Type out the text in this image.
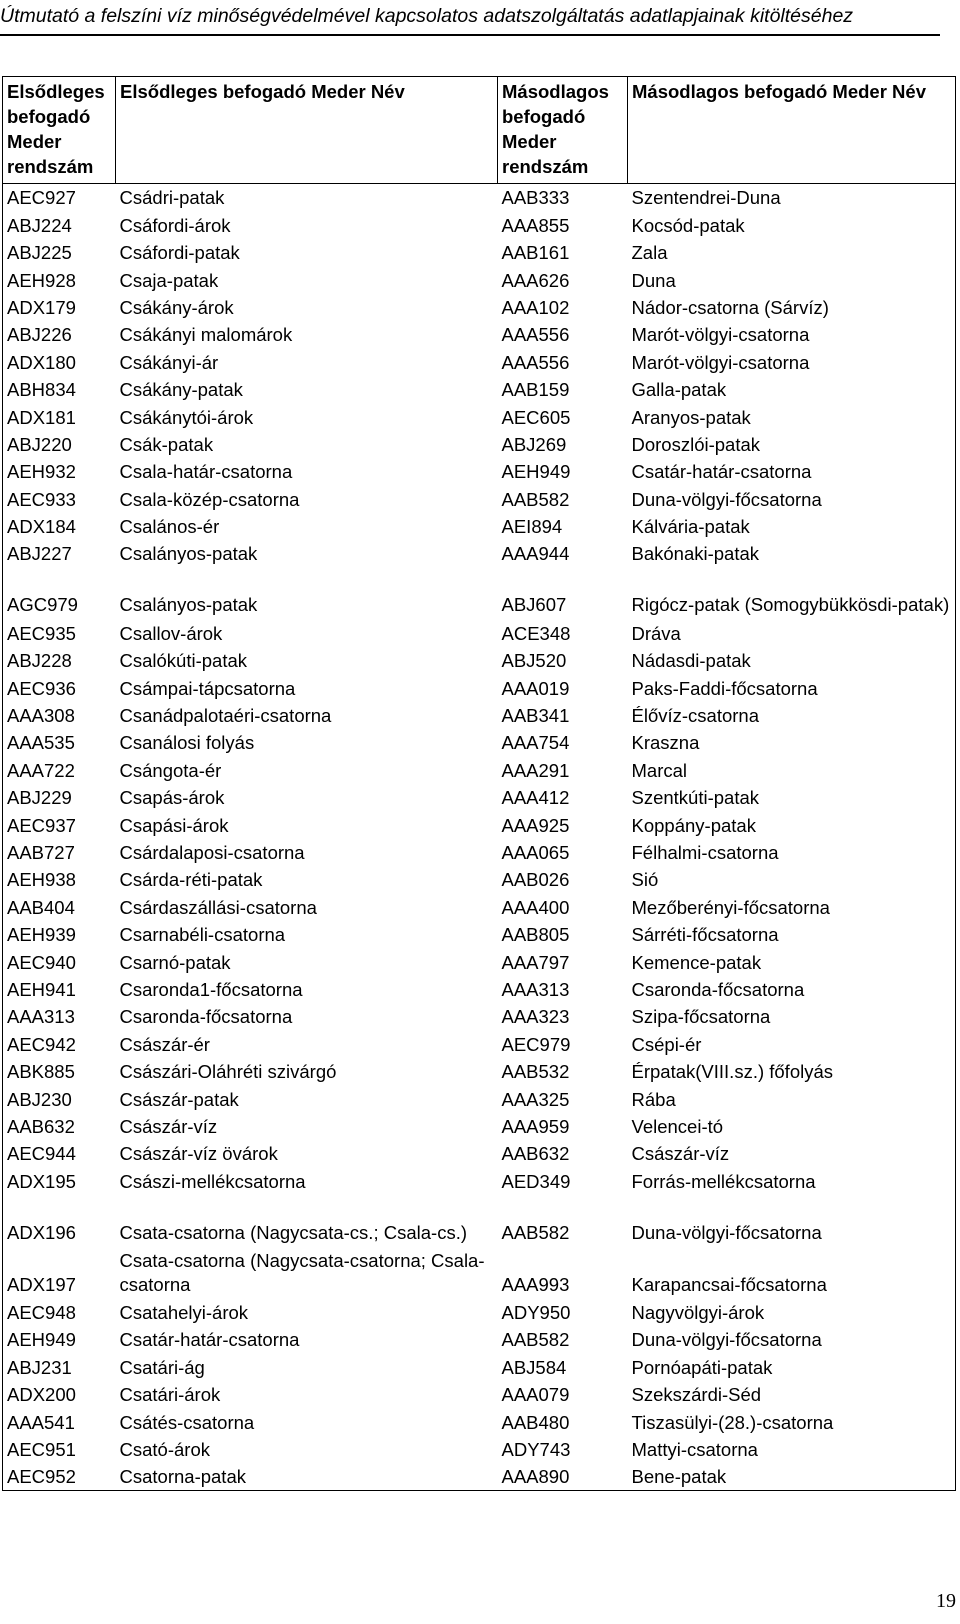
Útmutató a felszíni víz minőségvédelmével kapcsolatos adatszolgáltatás adatlapjainak kitöltéséhez
Elsődleges befogadó Meder rendszám	Elsődleges befogadó Meder Név	Másodlagos befogadó Meder rendszám	Másodlagos befogadó Meder Név
AEC927	Csádri-patak	AAB333	Szentendrei-Duna
ABJ224	Csáfordi-árok	AAA855	Kocsód-patak
ABJ225	Csáfordi-patak	AAB161	Zala
AEH928	Csaja-patak	AAA626	Duna
ADX179	Csákány-árok	AAA102	Nádor-csatorna (Sárvíz)
ABJ226	Csákányi malomárok	AAA556	Marót-völgyi-csatorna
ADX180	Csákányi-ár	AAA556	Marót-völgyi-csatorna
ABH834	Csákány-patak	AAB159	Galla-patak
ADX181	Csákánytói-árok	AEC605	Aranyos-patak
ABJ220	Csák-patak	ABJ269	Doroszlói-patak
AEH932	Csala-határ-csatorna	AEH949	Csatár-határ-csatorna
AEC933	Csala-közép-csatorna	AAB582	Duna-völgyi-főcsatorna
ADX184	Csalános-ér	AEI894	Kálvária-patak
ABJ227	Csalányos-patak	AAA944	Bakónaki-patak
AGC979	Csalányos-patak	ABJ607	Rigócz-patak (Somogybükkösdi-patak)
AEC935	Csallov-árok	ACE348	Dráva
ABJ228	Csalókúti-patak	ABJ520	Nádasdi-patak
AEC936	Csámpai-tápcsatorna	AAA019	Paks-Faddi-főcsatorna
AAA308	Csanádpalotaéri-csatorna	AAB341	Élővíz-csatorna
AAA535	Csanálosi folyás	AAA754	Kraszna
AAA722	Csángota-ér	AAA291	Marcal
ABJ229	Csapás-árok	AAA412	Szentkúti-patak
AEC937	Csapási-árok	AAA925	Koppány-patak
AAB727	Csárdalaposi-csatorna	AAA065	Félhalmi-csatorna
AEH938	Csárda-réti-patak	AAB026	Sió
AAB404	Csárdaszállási-csatorna	AAA400	Mezőberényi-főcsatorna
AEH939	Csarnabéli-csatorna	AAB805	Sárréti-főcsatorna
AEC940	Csarnó-patak	AAA797	Kemence-patak
AEH941	Csaronda1-főcsatorna	AAA313	Csaronda-főcsatorna
AAA313	Csaronda-főcsatorna	AAA323	Szipa-főcsatorna
AEC942	Császár-ér	AEC979	Csépi-ér
ABK885	Császári-Oláhréti szivárgó	AAB532	Érpatak(VIII.sz.) főfolyás
ABJ230	Császár-patak	AAA325	Rába
AAB632	Császár-víz	AAA959	Velencei-tó
AEC944	Császár-víz övárok	AAB632	Császár-víz
ADX195	Császi-mellékcsatorna	AED349	Forrás-mellékcsatorna
ADX196	Csata-csatorna (Nagycsata-cs.; Csala-cs.)	AAB582	Duna-völgyi-főcsatorna
ADX197	Csata-csatorna (Nagycsata-csatorna; Csala-csatorna	AAA993	Karapancsai-főcsatorna
AEC948	Csatahelyi-árok	ADY950	Nagyvölgyi-árok
AEH949	Csatár-határ-csatorna	AAB582	Duna-völgyi-főcsatorna
ABJ231	Csatári-ág	ABJ584	Pornóapáti-patak
ADX200	Csatári-árok	AAA079	Szekszárdi-Séd
AAA541	Csátés-csatorna	AAB480	Tiszasülyi-(28.)-csatorna
AEC951	Csató-árok	ADY743	Mattyi-csatorna
AEC952	Csatorna-patak	AAA890	Bene-patak
19
